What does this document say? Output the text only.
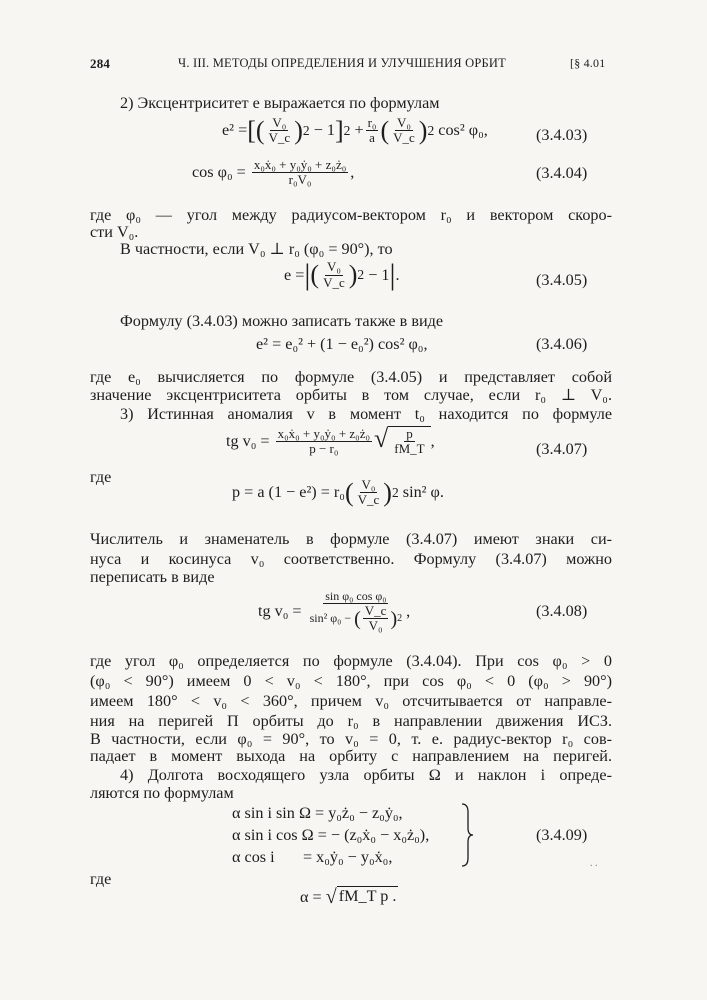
284	Ч. III. МЕТОДЫ ОПРЕДЕЛЕНИЯ И УЛУЧШЕНИЯ ОРБИТ	[§ 4.01
2) Эксцентриситет e выражается по формулам
e² = [( $\frac{\text{V₀}}{V\_c}$ ) 2 − 1 ] $2 + \frac{\text{r₀}}{a}$ ( $\frac{\text{V₀}}{V\_c}$ ) 2
cos² φ₀,	(3.4.03)
cos φ₀ =
$\frac{\text{x₀ẋ₀ + y₀ẏ₀ + z₀ż₀}}{\text{r₀V₀}}$ ,	(3.4.04)
где φ₀ — угол между радиусом-вектором r₀ и вектором скоро-
сти V₀.
В частности, если V₀ ⊥ r₀ (φ₀ = 90°), то
e = | ( $\frac{\text{V₀}}{V\_c}$ ) 2 − 1 | .	(3.4.05)
Формулу (3.4.03) можно записать также в виде
e² = e₀² + (1 − e₀²) cos² φ₀,	(3.4.06)
где e₀ вычисляется по формуле (3.4.05) и представляет собой
значение эксцентриситета орбиты в том случае, если r₀ ⊥ V₀.
3) Истинная аномалия v в момент t₀ находится по формуле
tg v₀ =
$\frac{\text{x₀ẋ₀ + y₀ẏ₀ + z₀ż₀}}{\text{p − r₀}}$ √ $\frac{p}{fM\_T}$ ,	(3.4.07)
где
p = a (1 − e²) = r₀ ( $\frac{\text{V₀}}{V\_c}$ ) 2
sin² φ.
Числитель и знаменатель в формуле (3.4.07) имеют знаки си-
нуса и косинуса v₀ соответственно. Формулу (3.4.07) можно
переписать в виде
tg v₀ =
sin φ₀ cos φ₀
sin² φ₀ −
( $\frac{V\_c}{\text{V₀}}$ ) 2 ,	(3.4.08)
где угол φ₀ определяется по формуле (3.4.04). При cos φ₀ > 0
(φ₀ < 90°) имеем 0 < v₀ < 180°, при cos φ₀ < 0 (φ₀ > 90°)
имеем 180° < v₀ < 360°, причем v₀ отсчитывается от направле-
ния на перигей П орбиты до r₀ в направлении движения ИСЗ.
В частности, если φ₀ = 90°, то v₀ = 0, т. е. радиус-вектор r₀ сов-
падает в момент выхода на орбиту с направлением на перигей.
4) Долгота восходящего узла орбиты Ω и наклон i опреде-
ляются по формулам
α sin i sin Ω = y₀ż₀ − z₀ẏ₀,
α sin i cos Ω = − (z₀ẋ₀ − x₀ż₀),
α cos i       = x₀ẏ₀ − y₀ẋ₀,
(3.4.09)
. .
где
α =
√ fM_T p .
